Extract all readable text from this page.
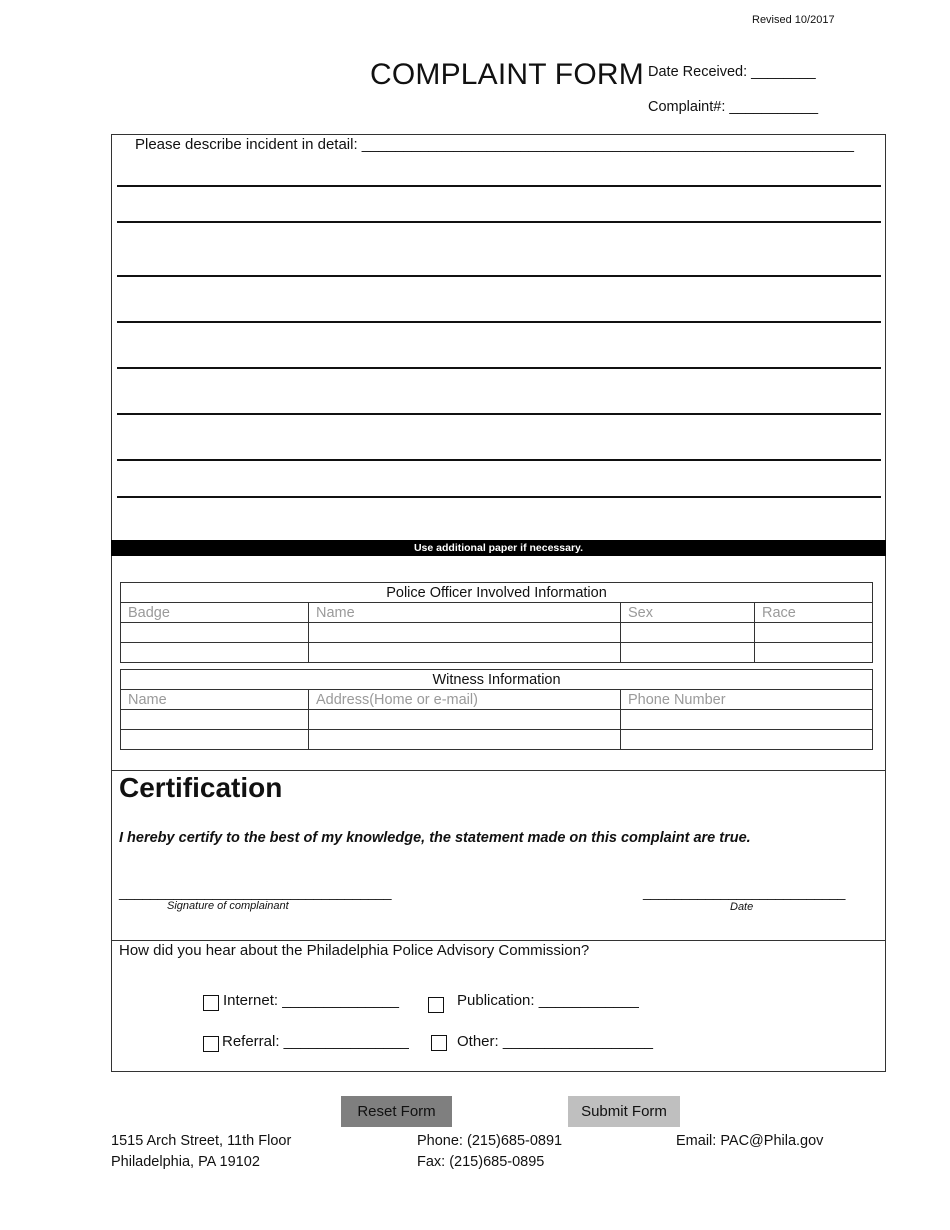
Revised 10/2017
COMPLAINT FORM Date Received: ________
Complaint#: ___________
Please describe incident in detail: ___________________________________________________________
Use additional paper if necessary.
Police Officer Involved Information			
Badge	Name	Sex	Race

Witness Information		
Name	Address(Home or e-mail)	Phone Number

Certification
I hereby certify to the best of my knowledge, the statement made on this complaint are true.
___________________________________
Signature of complainant
__________________________
Date
How did you hear about the Philadelphia Police Advisory Commission?
Internet: ______________	Publication: ____________
Referral: _______________	Other: __________________
Reset Form	Submit Form
1515 Arch Street, 11th Floor
Philadelphia, PA 19102
Phone: (215)685-0891
Fax: (215)685-0895
Email: PAC@Phila.gov
